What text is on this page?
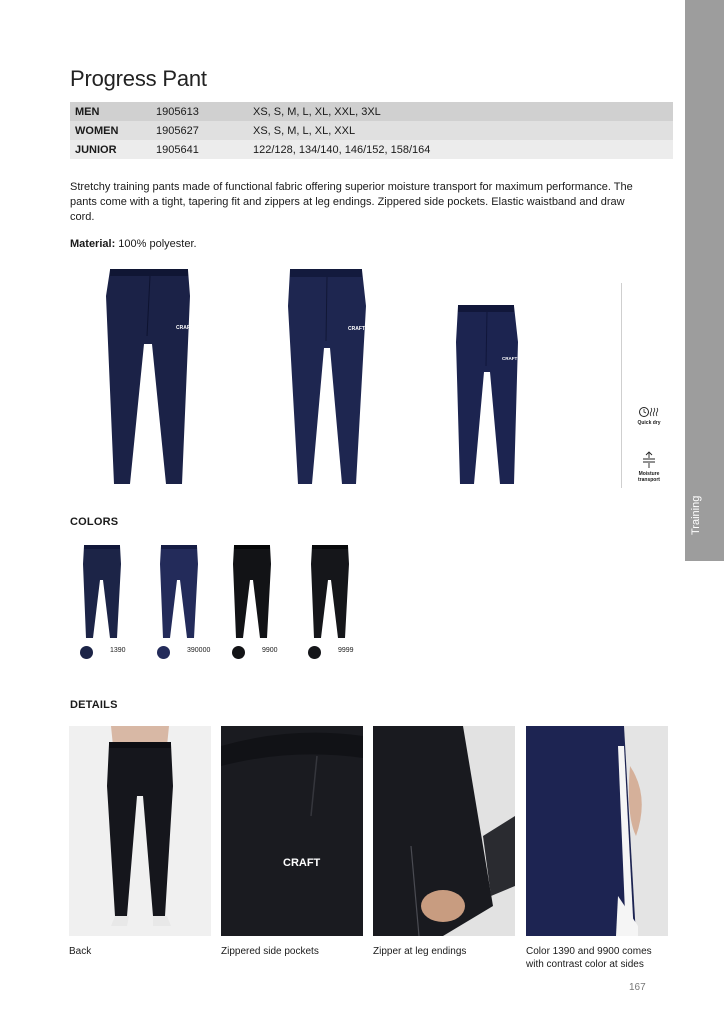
Training
Progress Pant
MEN	1905613	XS, S, M, L, XL, XXL, 3XL
WOMEN	1905627	XS, S, M, L, XL, XXL
JUNIOR	1905641	122/128, 134/140, 146/152, 158/164

Stretchy training pants made of functional fabric offering superior moisture transport for maximum performance. The pants come with a tight, tapering fit and zippers at leg endings. Zippered side pockets. Elastic waistband and draw cord.

Material: 100% polyester.

CRAFT	CRAFT
CRAFT
Quick dry
Moisture transport
COLORS
1390	390000	9900	9999
DETAILS
CRAFT
Back	Zippered side pockets	Zipper at leg endings	Color 1390 and 9900 comes with contrast color at sides
167
